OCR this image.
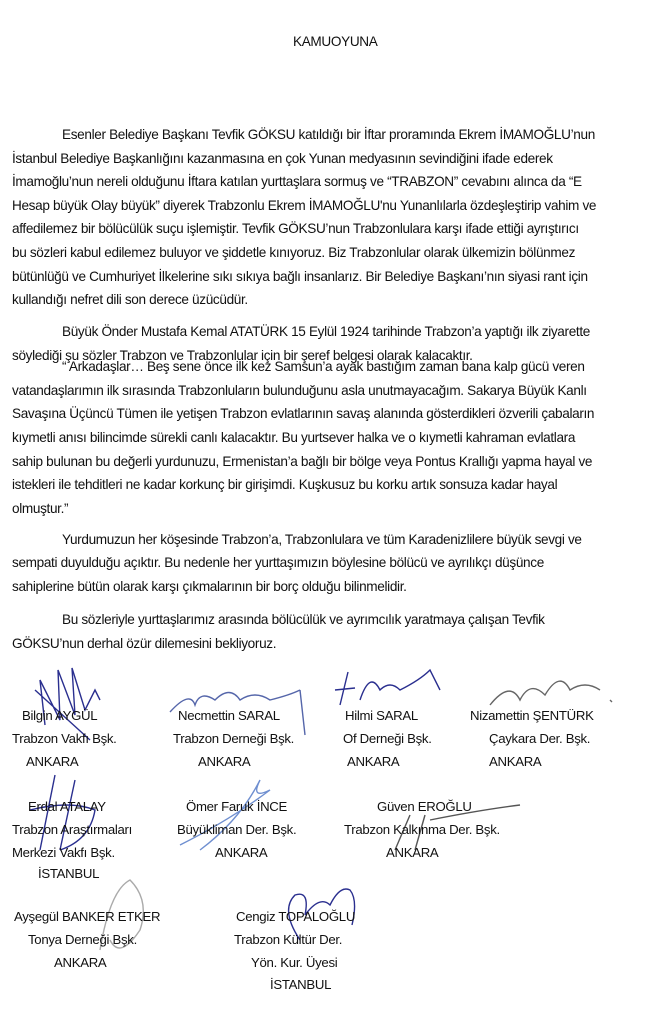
KAMUOYUNA
Esenler Belediye Başkanı Tevfik GÖKSU katıldığı bir İftar proramında Ekrem İMAMOĞLU’nun
İstanbul Belediye Başkanlığını kazanmasına en çok Yunan medyasının sevindiğini ifade ederek
İmamoğlu’nun nereli olduğunu İftara katılan yurttaşlara sormuş ve “TRABZON” cevabını alınca da “E
Hesap büyük Olay büyük” diyerek Trabzonlu Ekrem İMAMOĞLU'nu Yunanlılarla özdeşleştirip vahim ve
affedilemez bir bölücülük suçu işlemiştir. Tevfik GÖKSU’nun Trabzonlulara karşı ifade ettiği ayrıştırıcı
bu sözleri kabul edilemez buluyor ve şiddetle kınıyoruz. Biz Trabzonlular olarak ülkemizin bölünmez
bütünlüğü ve Cumhuriyet İlkelerine sıkı sıkıya bağlı insanlarız. Bir Belediye Başkanı’nın siyasi rant için
kullandığı nefret dili son derece üzücüdür.
Büyük Önder Mustafa Kemal ATATÜRK 15 Eylül 1924 tarihinde Trabzon’a yaptığı ilk ziyarette
söylediği şu sözler Trabzon ve Trabzonlular için bir şeref belgesi olarak kalacaktır.
“ Arkadaşlar… Beş sene önce ilk kez Samsun’a ayak bastığım zaman bana kalp gücü veren
vatandaşlarımın ilk sırasında Trabzonluların bulunduğunu asla unutmayacağım. Sakarya Büyük Kanlı
Savaşına Üçüncü Tümen ile yetişen Trabzon evlatlarının savaş alanında gösterdikleri özverili çabaların
kıymetli anısı bilincimde sürekli canlı kalacaktır. Bu yurtsever halka ve o kıymetli kahraman evlatlara
sahip bulunan bu değerli yurdunuzu, Ermenistan’a bağlı bir bölge veya Pontus Krallığı yapma hayal ve
istekleri ile tehditleri ne kadar korkunç bir girişimdi. Kuşkusuz bu korku artık sonsuza kadar hayal
olmuştur.”
Yurdumuzun her köşesinde Trabzon’a, Trabzonlulara ve tüm Karadenizlilere büyük sevgi ve
sempati duyulduğu açıktır. Bu nedenle her yurttaşımızın böylesine bölücü ve ayrılıkçı düşünce
sahiplerine bütün olarak karşı çıkmalarının bir borç olduğu bilinmelidir.
Bu sözleriyle yurttaşlarımız arasında bölücülük ve ayrımcılık yaratmaya çalışan Tevfik
GÖKSU’nun derhal özür dilemesini bekliyoruz.
Bilgin AYGÜL
Trabzon Vakfı Bşk.
ANKARA
Necmettin SARAL
Trabzon Derneği Bşk.
ANKARA
Hilmi SARAL
Of Derneği Bşk.
ANKARA
Nizamettin ŞENTÜRK
Çaykara Der. Bşk.
ANKARA
Erdal ATALAY
Trabzon Araştırmaları
Merkezi Vakfı Bşk.
İSTANBUL
Ömer Faruk İNCE
Büyükliman Der. Bşk.
ANKARA
Güven EROĞLU
Trabzon Kalkınma Der. Bşk.
ANKARA
Ayşegül BANKER ETKER
Tonya Derneği Bşk.
ANKARA
Cengiz TOPALOĞLU
Trabzon Kültür Der.
Yön. Kur. Üyesi
İSTANBUL
